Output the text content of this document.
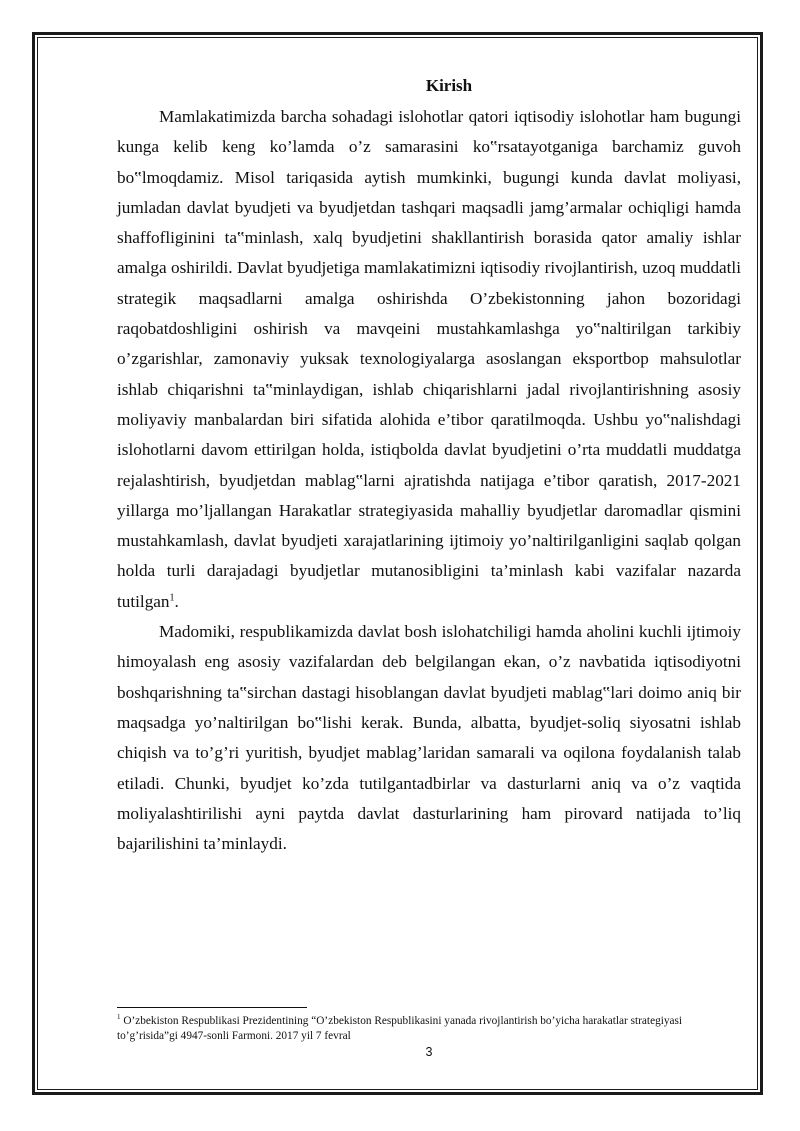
Kirish

Mamlakatimizda barcha sohadagi islohotlar qatori iqtisodiy islohotlar ham bugungi kunga kelib keng ko’lamda o’z samarasini ko‟rsatayotganiga barchamiz guvoh bo‟lmoqdamiz. Misol tariqasida aytish mumkinki, bugungi kunda davlat moliyasi, jumladan davlat byudjeti va byudjetdan tashqari maqsadli jamg’armalar ochiqligi hamda shaffofliginini ta‟minlash, xalq byudjetini shakllantirish borasida qator amaliy ishlar amalga oshirildi. Davlat byudjetiga mamlakatimizni iqtisodiy rivojlantirish, uzoq muddatli strategik maqsadlarni amalga oshirishda O’zbekistonning jahon bozoridagi raqobatdoshligini oshirish va mavqeini mustahkamlashga yo‟naltirilgan tarkibiy o’zgarishlar, zamonaviy yuksak texnologiyalarga asoslangan eksportbop mahsulotlar ishlab chiqarishni ta‟minlaydigan, ishlab chiqarishlarni jadal rivojlantirishning asosiy moliyaviy manbalardan biri sifatida alohida e’tibor qaratilmoqda. Ushbu yo‟nalishdagi islohotlarni davom ettirilgan holda, istiqbolda davlat byudjetini o’rta muddatli muddatga rejalashtirish, byudjetdan mablag‟larni ajratishda natijaga e’tibor qaratish, 2017-2021 yillarga mo’ljallangan Harakatlar strategiyasida mahalliy byudjetlar daromadlar qismini mustahkamlash, davlat byudjeti xarajatlarining ijtimoiy yo’naltirilganligini saqlab qolgan holda turli darajadagi byudjetlar mutanosibligini ta’minlash kabi vazifalar nazarda tutilgan$^1$.

Madomiki, respublikamizda davlat bosh islohatchiligi hamda aholini kuchli ijtimoiy himoyalash eng asosiy vazifalardan deb belgilangan ekan, o’z navbatida iqtisodiyotni boshqarishning ta‟sirchan dastagi hisoblangan davlat byudjeti mablag‟lari doimo aniq bir maqsadga yo’naltirilgan bo‟lishi kerak. Bunda, albatta, byudjet-soliq siyosatni ishlab chiqish va to’g’ri yuritish, byudjet mablag’laridan samarali va oqilona foydalanish talab etiladi. Chunki, byudjet ko’zda tutilgantadbirlar va dasturlarni aniq va o’z vaqtida moliyalashtirilishi ayni paytda davlat dasturlarining ham pirovard natijada to’liq bajarilishini ta’minlaydi.

$^1$ O’zbekiston Respublikasi Prezidentining “O’zbekiston Respublikasini yanada rivojlantirish bo’yicha harakatlar strategiyasi to’g’risida”gi 4947-sonli Farmoni. 2017 yil 7 fevral
3
